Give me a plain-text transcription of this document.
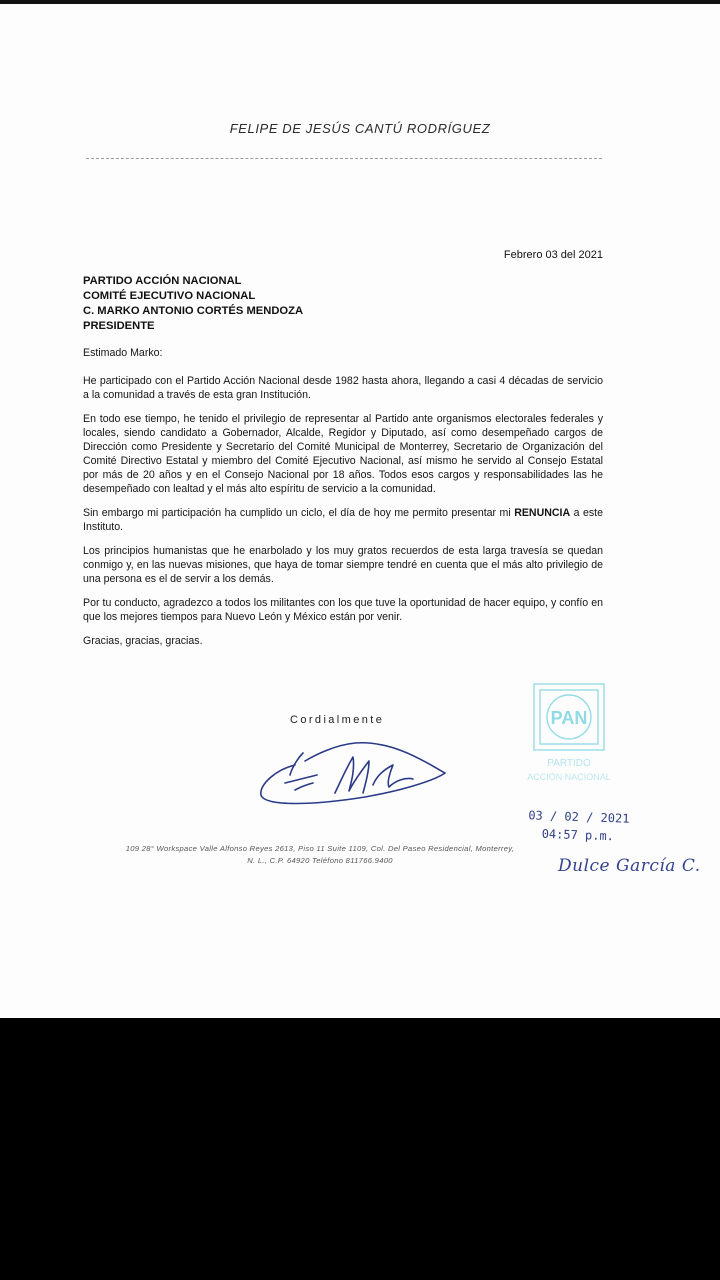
FELIPE DE JESÚS CANTÚ RODRÍGUEZ
Febrero 03 del 2021
PARTIDO ACCIÓN NACIONAL
COMITÉ EJECUTIVO NACIONAL
C. MARKO ANTONIO CORTÉS MENDOZA
PRESIDENTE

Estimado Marko:

He participado con el Partido Acción Nacional desde 1982 hasta ahora, llegando a casi 4 décadas de servicio a la comunidad a través de esta gran Institución.

En todo ese tiempo, he tenido el privilegio de representar al Partido ante organismos electorales federales y locales, siendo candidato a Gobernador, Alcalde, Regidor y Diputado, así como desempeñado cargos de Dirección como Presidente y Secretario del Comité Municipal de Monterrey, Secretario de Organización del Comité Directivo Estatal y miembro del Comité Ejecutivo Nacional, así mismo he servido al Consejo Estatal por más de 20 años y en el Consejo Nacional por 18 años. Todos esos cargos y responsabilidades las he desempeñado con lealtad y el más alto espíritu de servicio a la comunidad.

Sin embargo mi participación ha cumplido un ciclo, el día de hoy me permito presentar mi RENUNCIA a este Instituto.

Los principios humanistas que he enarbolado y los muy gratos recuerdos de esta larga travesía se quedan conmigo y, en las nuevas misiones, que haya de tomar siempre tendré en cuenta que el más alto privilegio de una persona es el de servir a los demás.

Por tu conducto, agradezco a todos los militantes con los que tuve la oportunidad de hacer equipo, y confío en que los mejores tiempos para Nuevo León y México están por venir.

Gracias, gracias, gracias.

Cordialmente
109 28° Workspace Valle Alfonso Reyes 2613, Piso 11 Suite 1109, Col. Del Paseo Residencial, Monterrey,
N. L., C.P. 64920 Teléfono 811766.9400
PAN
PARTIDO
ACCIÓN NACIONAL
03 / 02 / 2021
04:57 p.m.
Dulce García C.
